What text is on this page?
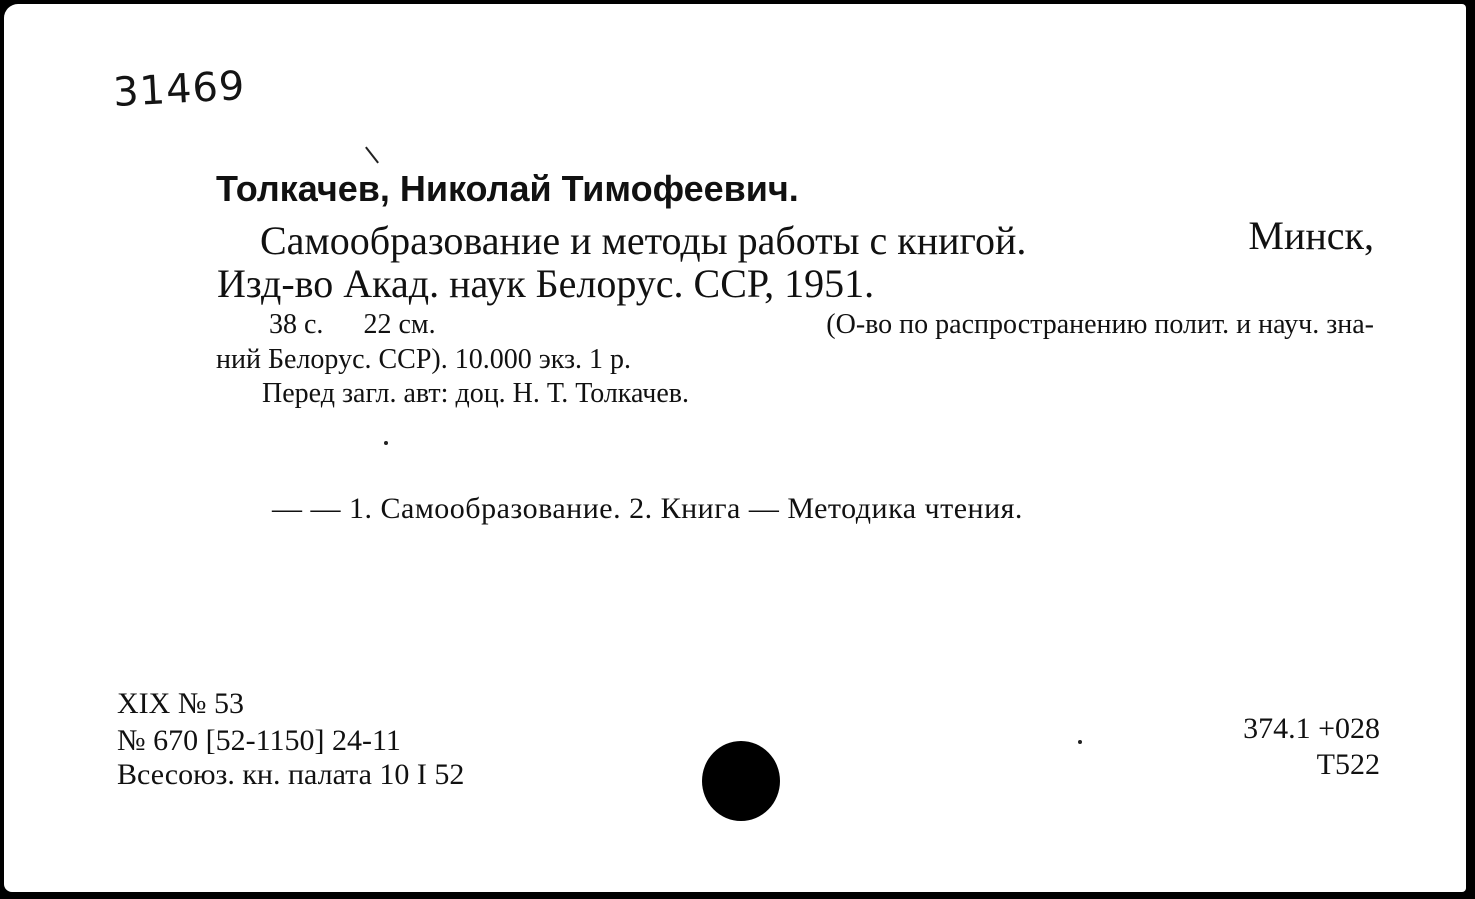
31469
Толкачев, Николай Тимофеевич.
Самообразование и методы работы с книгой.	Минск,
Изд-во Акад. наук Белорус. ССР, 1951.
38 с. 22 см.	(О-во по распространению полит. и науч. зна-
ний Белорус. ССР). 10.000 экз. 1 р.
Перед загл. авт: доц. Н. Т. Толкачев.
— — 1. Самообразование. 2. Книга — Методика чтения.
XIX № 53
№ 670 [52-1150] 24-11
Всесоюз. кн. палата 10 I 52
374.1 +028
Т522
